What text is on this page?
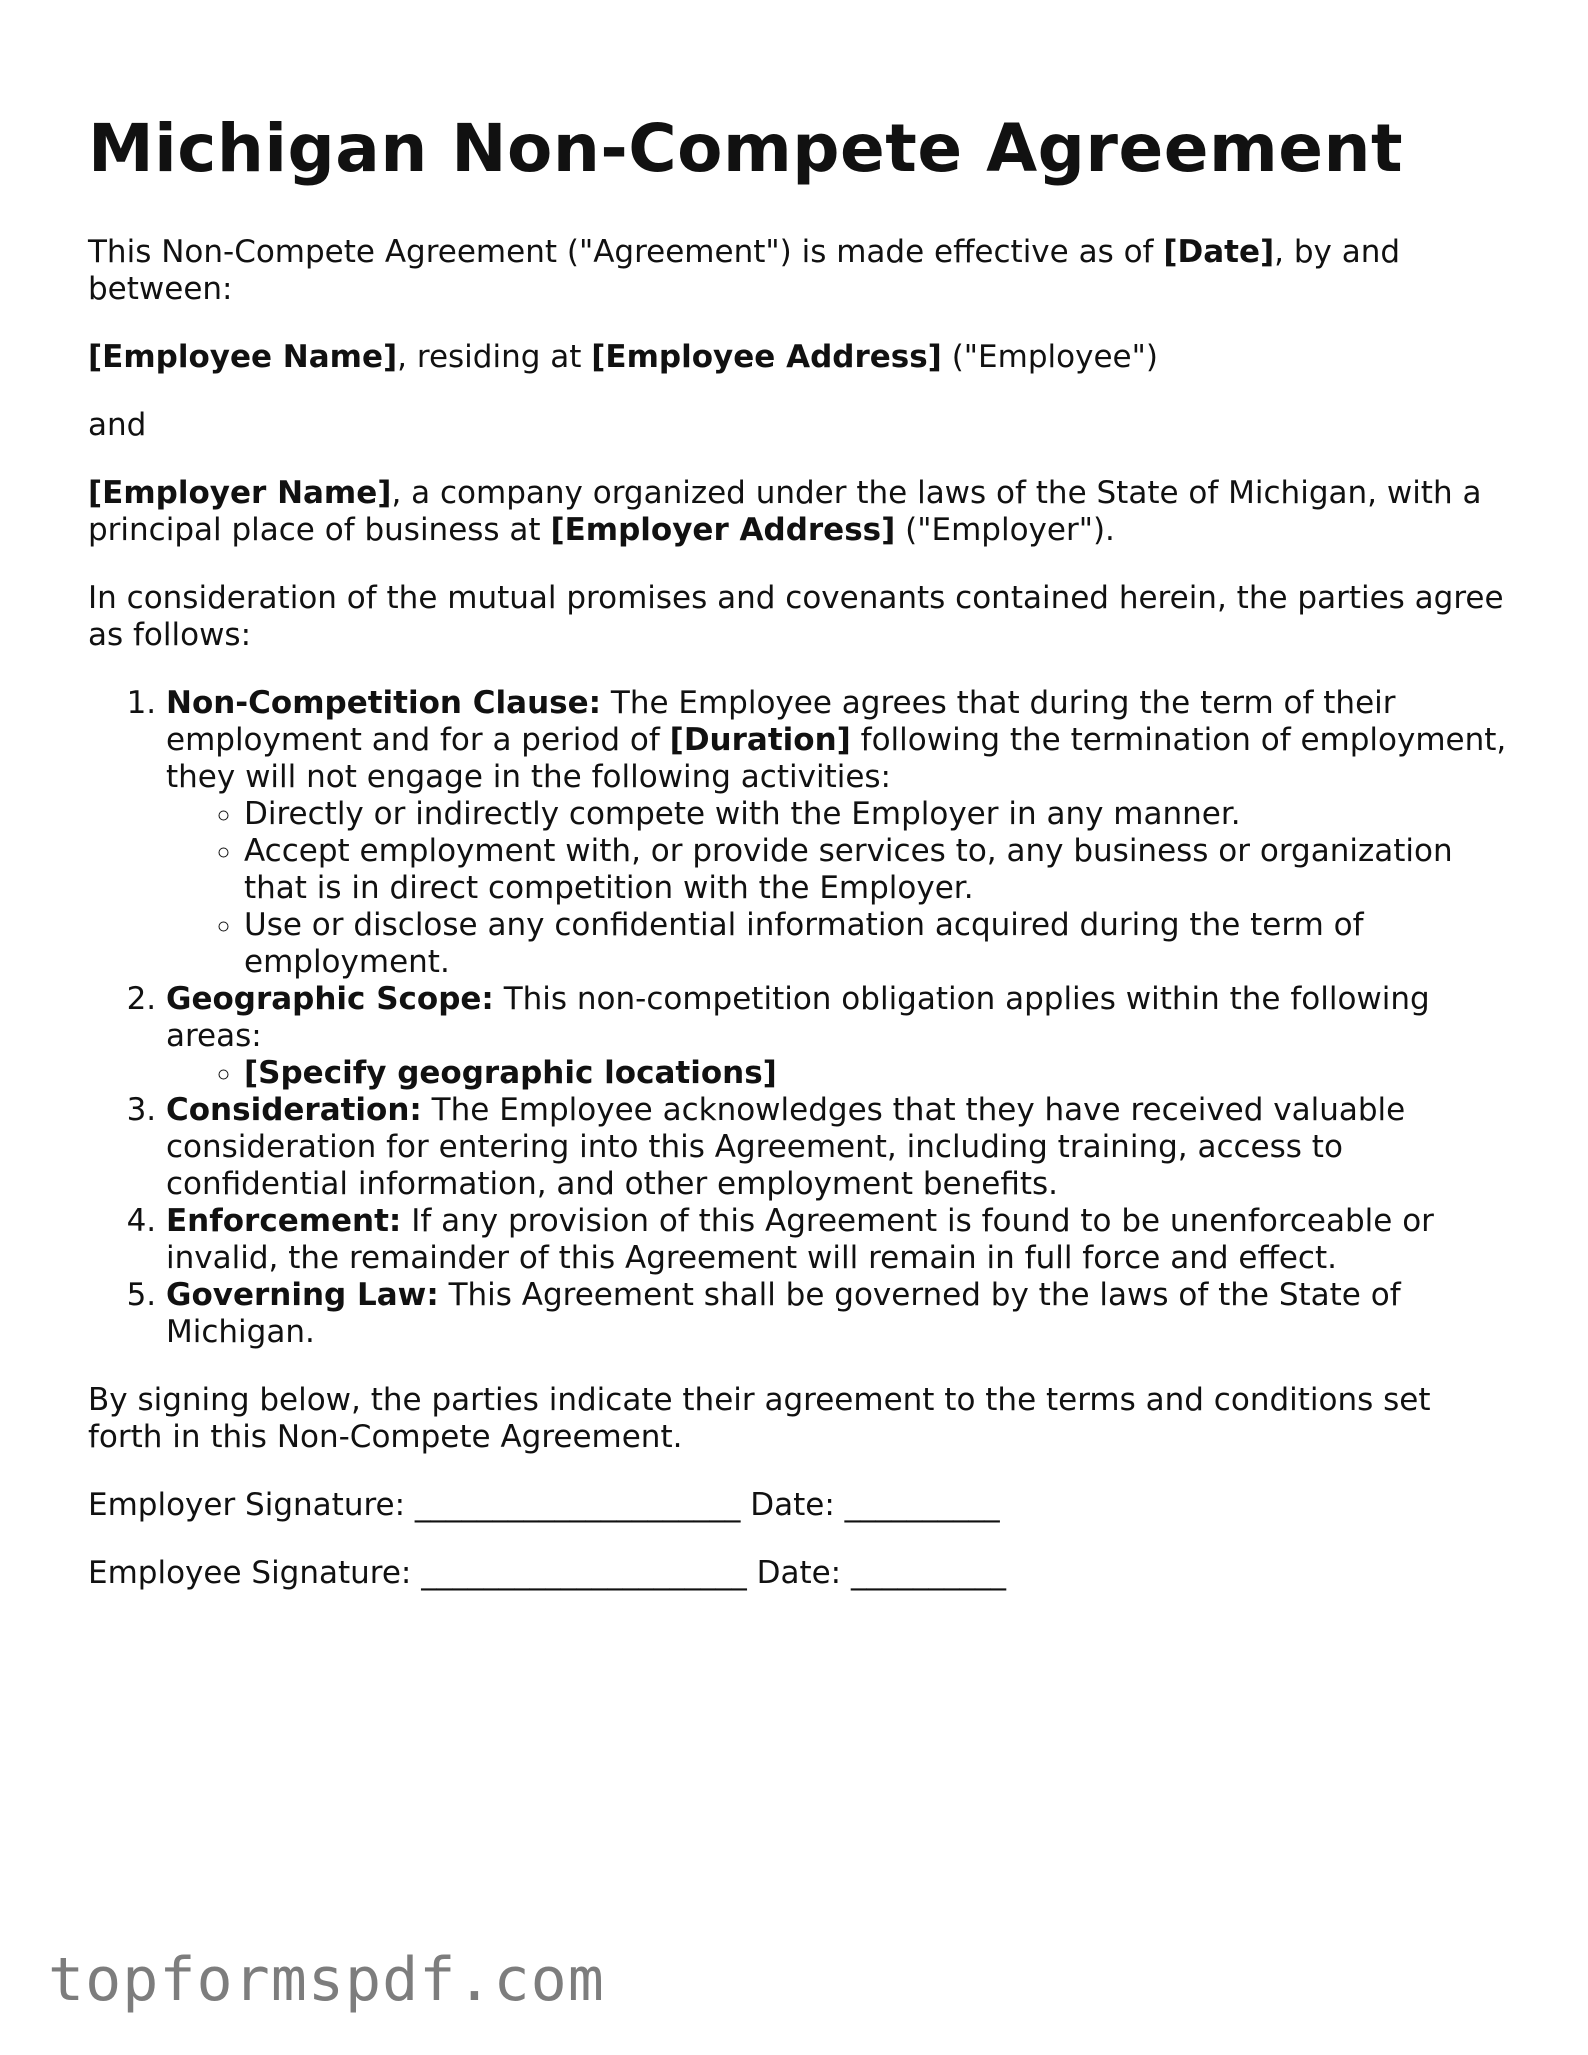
Michigan Non-Compete Agreement

This Non-Compete Agreement ("Agreement") is made effective as of [Date], by and between:

[Employee Name], residing at [Employee Address] ("Employee")

and

[Employer Name], a company organized under the laws of the State of Michigan, with a principal place of business at [Employer Address] ("Employer").

In consideration of the mutual promises and covenants contained herein, the parties agree as follows:

1. Non-Competition Clause: The Employee agrees that during the term of their employment and for a period of [Duration] following the termination of employment, they will not engage in the following activities:
◦ Directly or indirectly compete with the Employer in any manner.
◦ Accept employment with, or provide services to, any business or organization that is in direct competition with the Employer.
◦ Use or disclose any confidential information acquired during the term of employment.
2. Geographic Scope: This non-competition obligation applies within the following areas:
◦ [Specify geographic locations]
3. Consideration: The Employee acknowledges that they have received valuable consideration for entering into this Agreement, including training, access to confidential information, and other employment benefits.
4. Enforcement: If any provision of this Agreement is found to be unenforceable or invalid, the remainder of this Agreement will remain in full force and effect.
5. Governing Law: This Agreement shall be governed by the laws of the State of Michigan.

By signing below, the parties indicate their agreement to the terms and conditions set forth in this Non-Compete Agreement.

Employer Signature: _____________________ Date: __________

Employee Signature: _____________________ Date: __________

topformspdf.com
